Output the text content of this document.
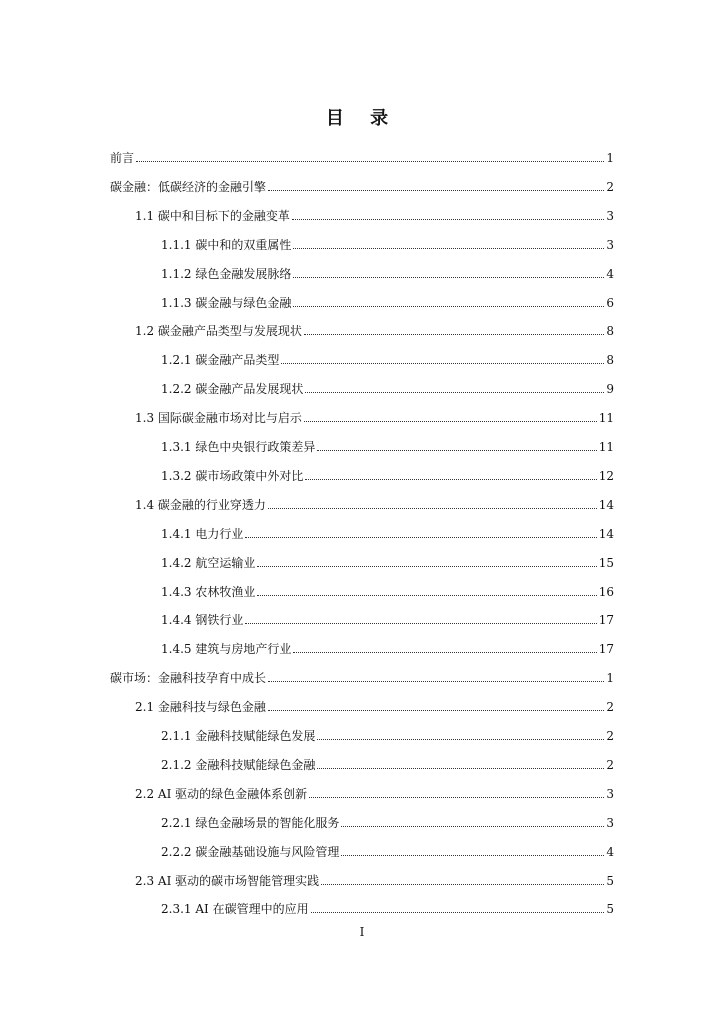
目 录
前言	1
碳金融：低碳经济的金融引擎	2
1.1 碳中和目标下的金融变革	3
1.1.1 碳中和的双重属性	3
1.1.2 绿色金融发展脉络	4
1.1.3 碳金融与绿色金融	6
1.2 碳金融产品类型与发展现状	8
1.2.1 碳金融产品类型	8
1.2.2 碳金融产品发展现状	9
1.3 国际碳金融市场对比与启示	11
1.3.1 绿色中央银行政策差异	11
1.3.2 碳市场政策中外对比	12
1.4 碳金融的行业穿透力	14
1.4.1 电力行业	14
1.4.2 航空运输业	15
1.4.3 农林牧渔业	16
1.4.4 钢铁行业	17
1.4.5 建筑与房地产行业	17
碳市场：金融科技孕育中成长	1
2.1 金融科技与绿色金融	2
2.1.1 金融科技赋能绿色发展	2
2.1.2 金融科技赋能绿色金融	2
2.2 AI 驱动的绿色金融体系创新	3
2.2.1 绿色金融场景的智能化服务	3
2.2.2 碳金融基础设施与风险管理	4
2.3 AI 驱动的碳市场智能管理实践	5
2.3.1 AI 在碳管理中的应用	5
I
